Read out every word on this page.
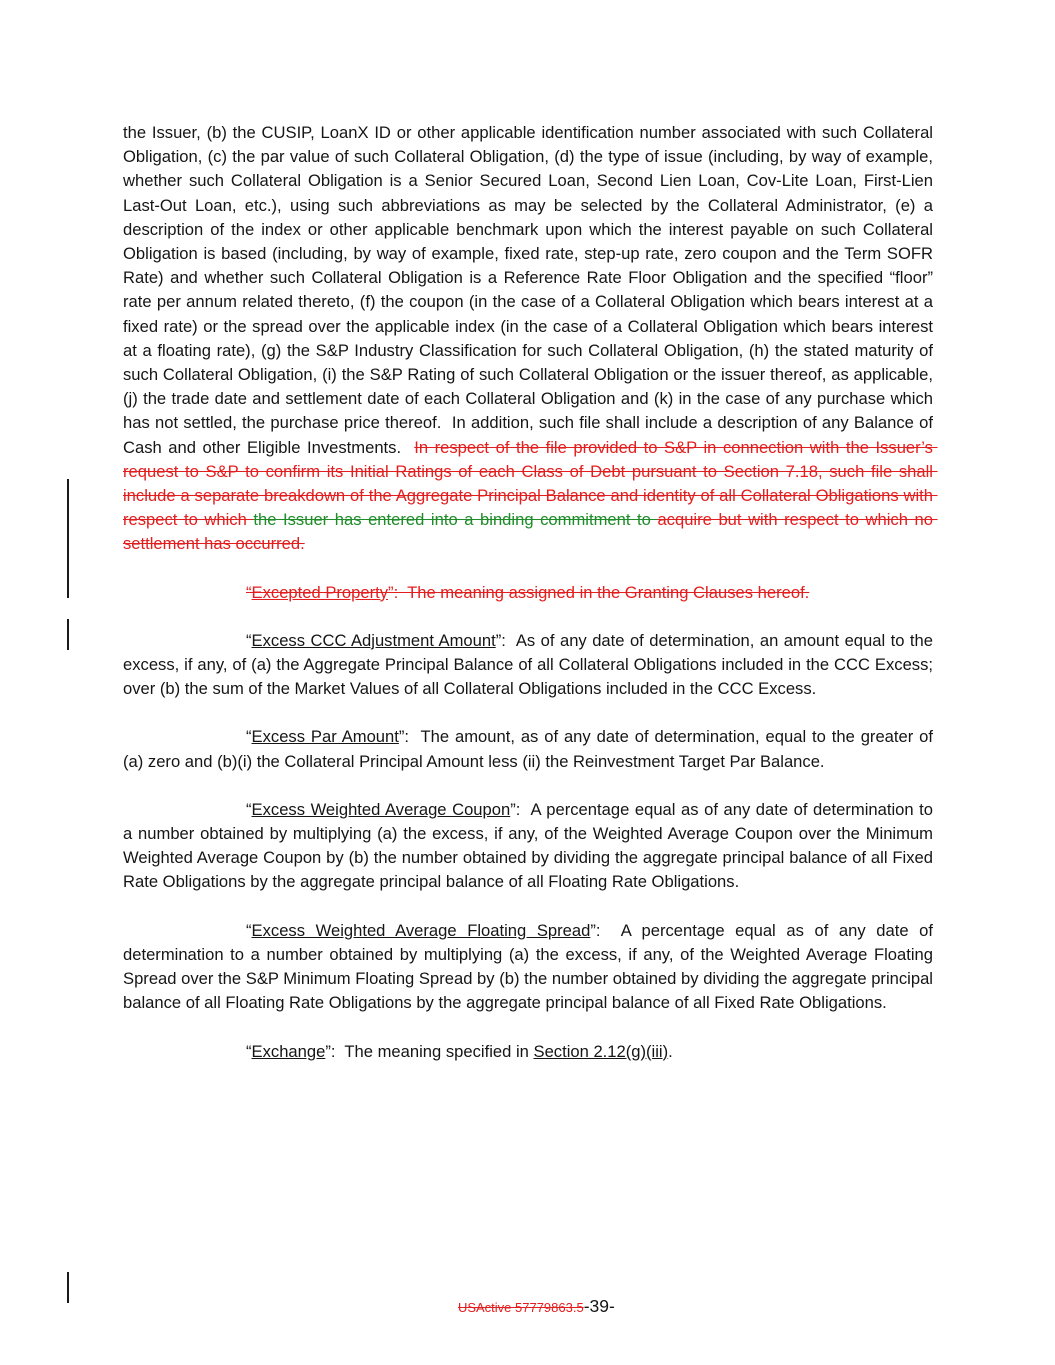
the Issuer, (b) the CUSIP, LoanX ID or other applicable identification number associated with such Collateral Obligation, (c) the par value of such Collateral Obligation, (d) the type of issue (including, by way of example, whether such Collateral Obligation is a Senior Secured Loan, Second Lien Loan, Cov-Lite Loan, First-Lien Last-Out Loan, etc.), using such abbreviations as may be selected by the Collateral Administrator, (e) a description of the index or other applicable benchmark upon which the interest payable on such Collateral Obligation is based (including, by way of example, fixed rate, step-up rate, zero coupon and the Term SOFR Rate) and whether such Collateral Obligation is a Reference Rate Floor Obligation and the specified “floor” rate per annum related thereto, (f) the coupon (in the case of a Collateral Obligation which bears interest at a fixed rate) or the spread over the applicable index (in the case of a Collateral Obligation which bears interest at a floating rate), (g) the S&P Industry Classification for such Collateral Obligation, (h) the stated maturity of such Collateral Obligation, (i) the S&P Rating of such Collateral Obligation or the issuer thereof, as applicable, (j) the trade date and settlement date of each Collateral Obligation and (k) in the case of any purchase which has not settled, the purchase price thereof.  In addition, such file shall include a description of any Balance of Cash and other Eligible Investments.  In respect of the file provided to S&P in connection with the Issuer’s request to S&P to confirm its Initial Ratings of each Class of Debt pursuant to Section 7.18, such file shall include a separate breakdown of the Aggregate Principal Balance and identity of all Collateral Obligations with respect to which the Issuer has entered into a binding commitment to acquire but with respect to which no settlement has occurred.

“Excepted Property”:  The meaning assigned in the Granting Clauses hereof.

“Excess CCC Adjustment Amount”:  As of any date of determination, an amount equal to the excess, if any, of (a) the Aggregate Principal Balance of all Collateral Obligations included in the CCC Excess; over (b) the sum of the Market Values of all Collateral Obligations included in the CCC Excess.

“Excess Par Amount”:  The amount, as of any date of determination, equal to the greater of (a) zero and (b)(i) the Collateral Principal Amount less (ii) the Reinvestment Target Par Balance.

“Excess Weighted Average Coupon”:  A percentage equal as of any date of determination to a number obtained by multiplying (a) the excess, if any, of the Weighted Average Coupon over the Minimum Weighted Average Coupon by (b) the number obtained by dividing the aggregate principal balance of all Fixed Rate Obligations by the aggregate principal balance of all Floating Rate Obligations.

“Excess Weighted Average Floating Spread”:  A percentage equal as of any date of determination to a number obtained by multiplying (a) the excess, if any, of the Weighted Average Floating Spread over the S&P Minimum Floating Spread by (b) the number obtained by dividing the aggregate principal balance of all Floating Rate Obligations by the aggregate principal balance of all Fixed Rate Obligations.

“Exchange”:  The meaning specified in Section 2.12(g)(iii).

USActive 57779863.5-39-
